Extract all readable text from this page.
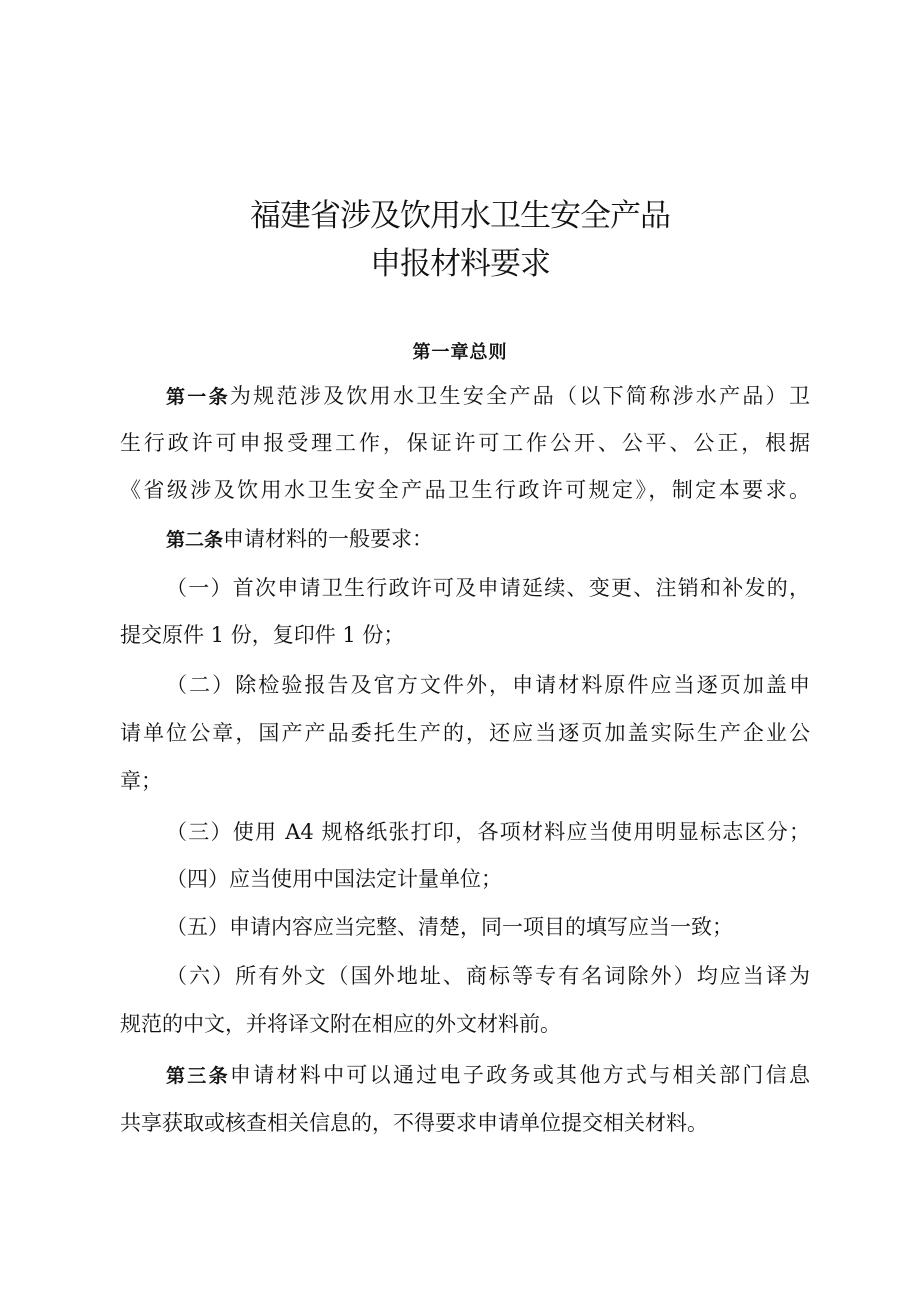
福建省涉及饮用水卫生安全产品
申报材料要求
第一章总则
第一条为规范涉及饮用水卫生安全产品（以下简称涉水产品）卫
生行政许可申报受理工作，保证许可工作公开、公平、公正，根据
《省级涉及饮用水卫生安全产品卫生行政许可规定》，制定本要求。
第二条申请材料的一般要求：
（一）首次申请卫生行政许可及申请延续、变更、注销和补发的，
提交原件 1 份，复印件 1 份；
（二）除检验报告及官方文件外，申请材料原件应当逐页加盖申
请单位公章，国产产品委托生产的，还应当逐页加盖实际生产企业公
章；
（三）使用 A4 规格纸张打印，各项材料应当使用明显标志区分；
（四）应当使用中国法定计量单位；
（五）申请内容应当完整、清楚，同一项目的填写应当一致；
（六）所有外文（国外地址、商标等专有名词除外）均应当译为
规范的中文，并将译文附在相应的外文材料前。
第三条申请材料中可以通过电子政务或其他方式与相关部门信息
共享获取或核查相关信息的，不得要求申请单位提交相关材料。
